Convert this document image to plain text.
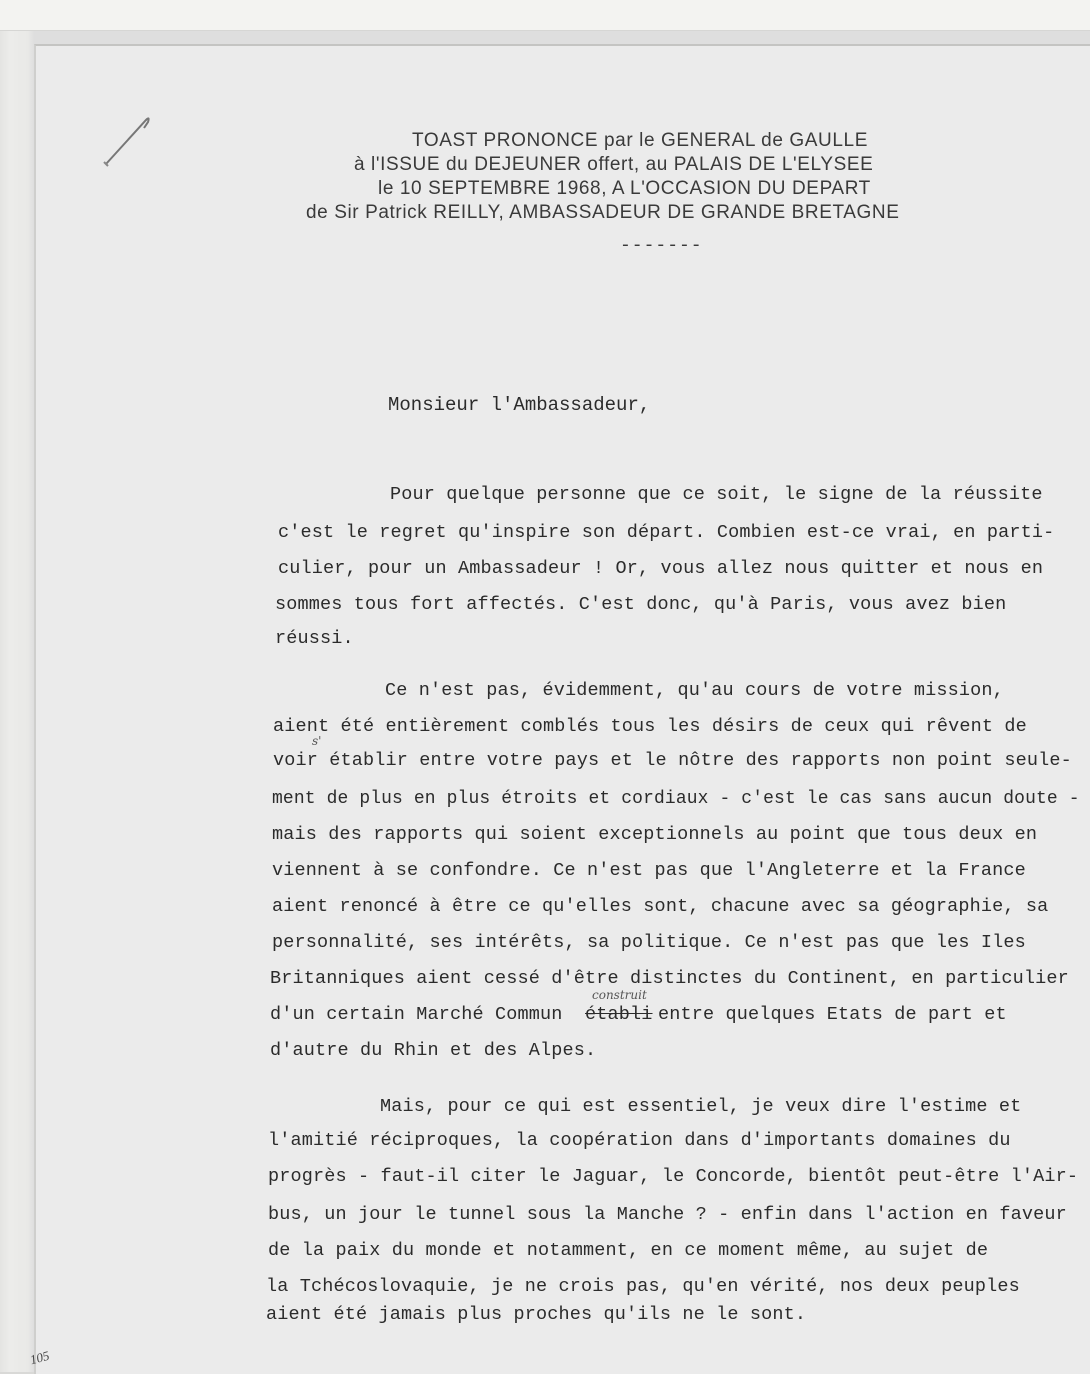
TOAST PRONONCE par le GENERAL de GAULLE
à l'ISSUE du DEJEUNER offert, au PALAIS DE L'ELYSEE
le 10 SEPTEMBRE 1968, A L'OCCASION DU DEPART
de Sir Patrick REILLY, AMBASSADEUR DE GRANDE BRETAGNE
-------
Monsieur l'Ambassadeur,
Pour quelque personne que ce soit, le signe de la réussite
c'est le regret qu'inspire son départ. Combien est-ce vrai, en parti-
culier, pour un Ambassadeur ! Or, vous allez nous quitter et nous en
sommes tous fort affectés. C'est donc, qu'à Paris, vous avez bien
réussi.
Ce n'est pas, évidemment, qu'au cours de votre mission,
aient été entièrement comblés tous les désirs de ceux qui rêvent de
voir établir entre votre pays et le nôtre des rapports non point seule-
s'
ment de plus en plus étroits et cordiaux - c'est le cas sans aucun doute -
mais des rapports qui soient exceptionnels au point que tous deux en
viennent à se confondre. Ce n'est pas que l'Angleterre et la France
aient renoncé à être ce qu'elles sont, chacune avec sa géographie, sa
personnalité, ses intérêts, sa politique. Ce n'est pas que les Iles
Britanniques aient cessé d'être distinctes du Continent, en particulier
d'un certain Marché Commun établi
construit
entre quelques Etats de part et
d'autre du Rhin et des Alpes.
Mais, pour ce qui est essentiel, je veux dire l'estime et
l'amitié réciproques, la coopération dans d'importants domaines du
progrès - faut-il citer le Jaguar, le Concorde, bientôt peut-être l'Air-
bus, un jour le tunnel sous la Manche ? - enfin dans l'action en faveur
de la paix du monde et notamment, en ce moment même, au sujet de
la Tchécoslovaquie, je ne crois pas, qu'en vérité, nos deux peuples
aient été jamais plus proches qu'ils ne le sont.
105
